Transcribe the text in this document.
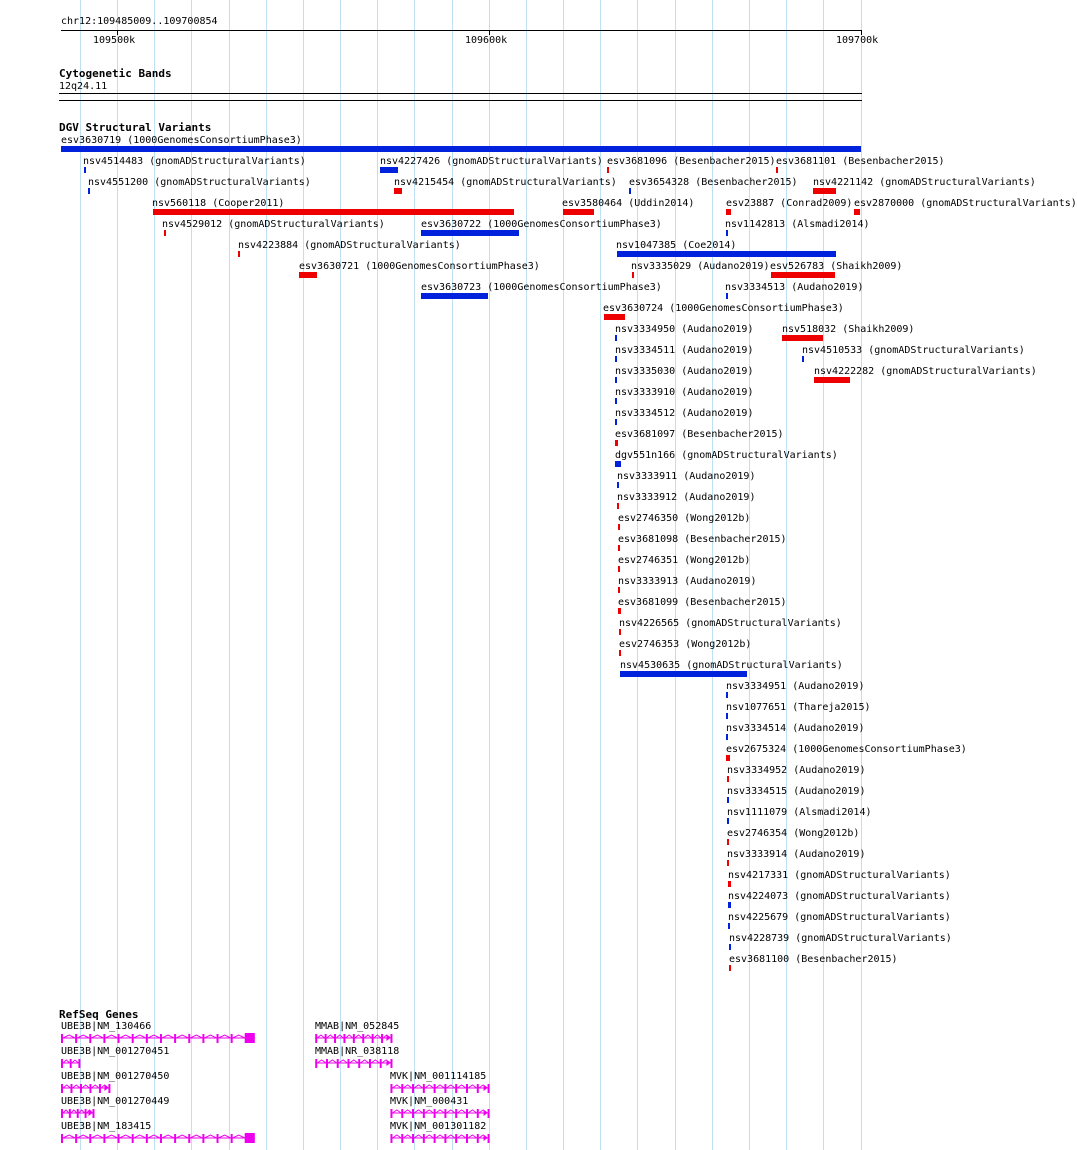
chr12:109485009..109700854
109500k	109600k	109700k
Cytogenetic Bands
12q24.11
DGV Structural Variants
esv3630719 (1000GenomesConsortiumPhase3)
nsv4514483 (gnomADStructuralVariants)	nsv4227426 (gnomADStructuralVariants) esv3681096 (Besenbacher2015) esv3681101 (Besenbacher2015)
nsv4551200 (gnomADStructuralVariants)	nsv4215454 (gnomADStructuralVariants) esv3654328 (Besenbacher2015) nsv4221142 (gnomADStructuralVariants)
nsv560118 (Cooper2011)	esv3580464 (Uddin2014)	esv23887 (Conrad2009) esv2870000 (gnomADStructuralVariants)
nsv4529012 (gnomADStructuralVariants)	esv3630722 (1000GenomesConsortiumPhase3)	nsv1142813 (Alsmadi2014)
nsv4223884 (gnomADStructuralVariants)	nsv1047385 (Coe2014)
esv3630721 (1000GenomesConsortiumPhase3)	nsv3335029 (Audano2019) esv526783 (Shaikh2009)
esv3630723 (1000GenomesConsortiumPhase3)	nsv3334513 (Audano2019)
esv3630724 (1000GenomesConsortiumPhase3)
nsv3334950 (Audano2019)	nsv518032 (Shaikh2009)
nsv3334511 (Audano2019)	nsv4510533 (gnomADStructuralVariants)
nsv3335030 (Audano2019)	nsv4222282 (gnomADStructuralVariants)
nsv3333910 (Audano2019)
nsv3334512 (Audano2019)
esv3681097 (Besenbacher2015)
dgv551n166 (gnomADStructuralVariants)
nsv3333911 (Audano2019)
nsv3333912 (Audano2019)
esv2746350 (Wong2012b)
esv3681098 (Besenbacher2015)
esv2746351 (Wong2012b)
nsv3333913 (Audano2019)
esv3681099 (Besenbacher2015)
nsv4226565 (gnomADStructuralVariants)
esv2746353 (Wong2012b)
nsv4530635 (gnomADStructuralVariants)
nsv3334951 (Audano2019)
nsv1077651 (Thareja2015)
nsv3334514 (Audano2019)
esv2675324 (1000GenomesConsortiumPhase3)
nsv3334952 (Audano2019)
nsv3334515 (Audano2019)
nsv1111079 (Alsmadi2014)
esv2746354 (Wong2012b)
nsv3333914 (Audano2019)
nsv4217331 (gnomADStructuralVariants)
nsv4224073 (gnomADStructuralVariants)
nsv4225679 (gnomADStructuralVariants)
nsv4228739 (gnomADStructuralVariants)
esv3681100 (Besenbacher2015)
RefSeq Genes
UBE3B|NM_130466	MMAB|NM_052845
UBE3B|NM_001270451	MMAB|NR_038118
UBE3B|NM_001270450	MVK|NM_001114185
UBE3B|NM_001270449	MVK|NM_000431
UBE3B|NM_183415	MVK|NM_001301182
